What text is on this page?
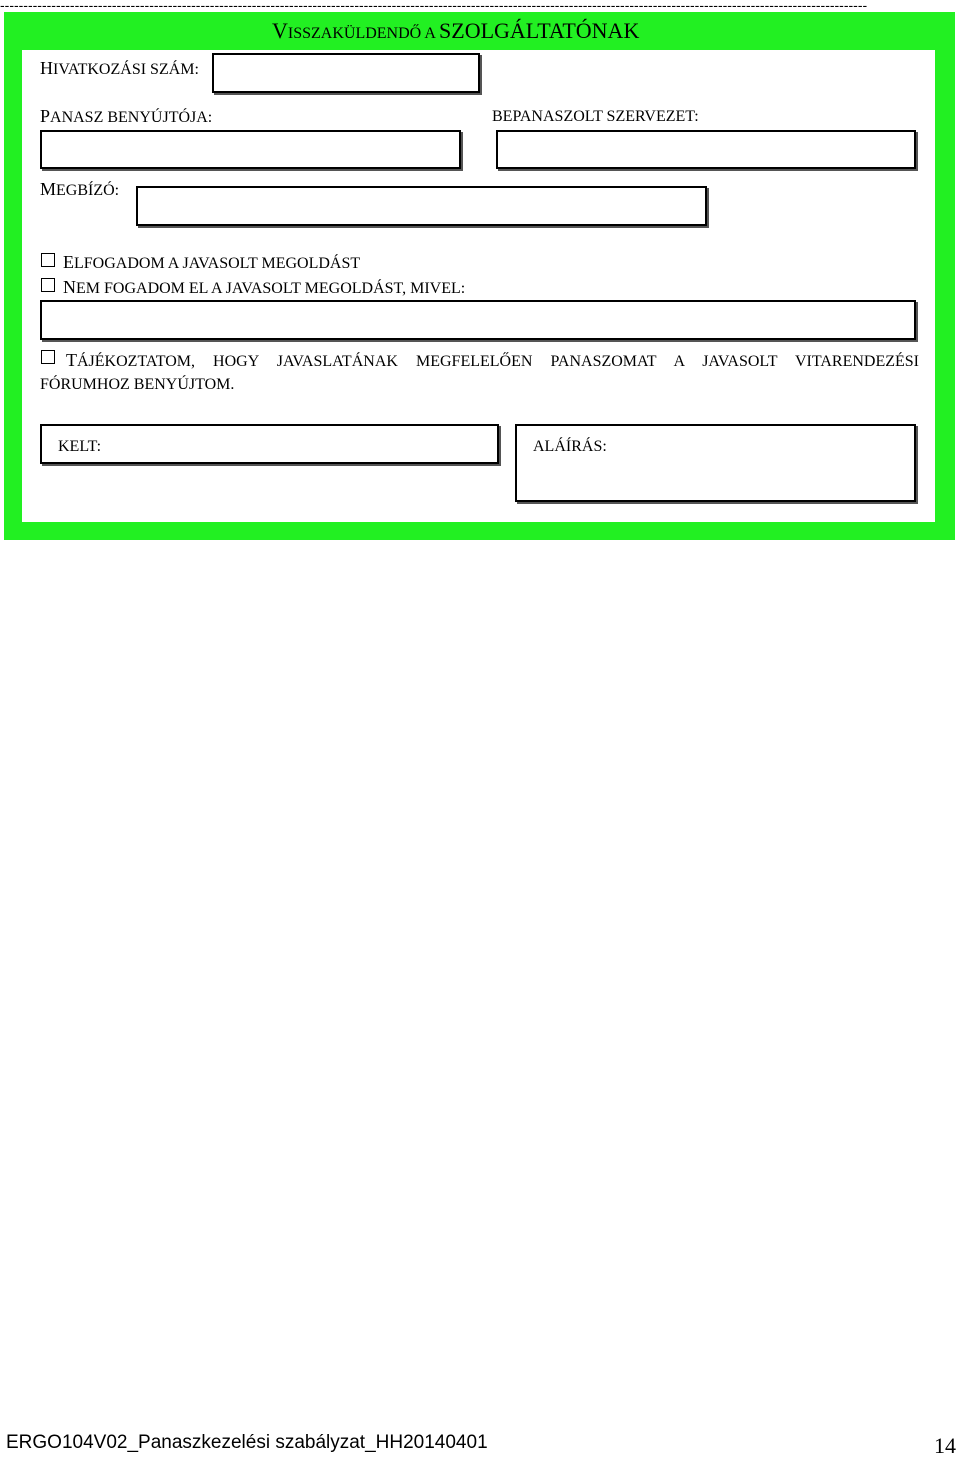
------------------------------------------------------------------------------------------------------------------------------------------------------------------------------------------
VISSZAKÜLDENDŐ A SZOLGÁLTATÓNAK
HIVATKOZÁSI SZÁM:
PANASZ BENYÚJTÓJA:	BEPANASZOLT SZERVEZET:
MEGBÍZÓ:
ELFOGADOM A JAVASOLT MEGOLDÁST
NEM FOGADOM EL A JAVASOLT MEGOLDÁST, MIVEL:
TÁJÉKOZTATOM, HOGY JAVASLATÁNAK MEGFELELŐEN PANASZOMAT A JAVASOLT VITARENDEZÉSI
FÓRUMHOZ BENYÚJTOM.
KELT:	ALÁÍRÁS:
ERGO104V02_Panaszkezelési szabályzat_HH20140401	14
